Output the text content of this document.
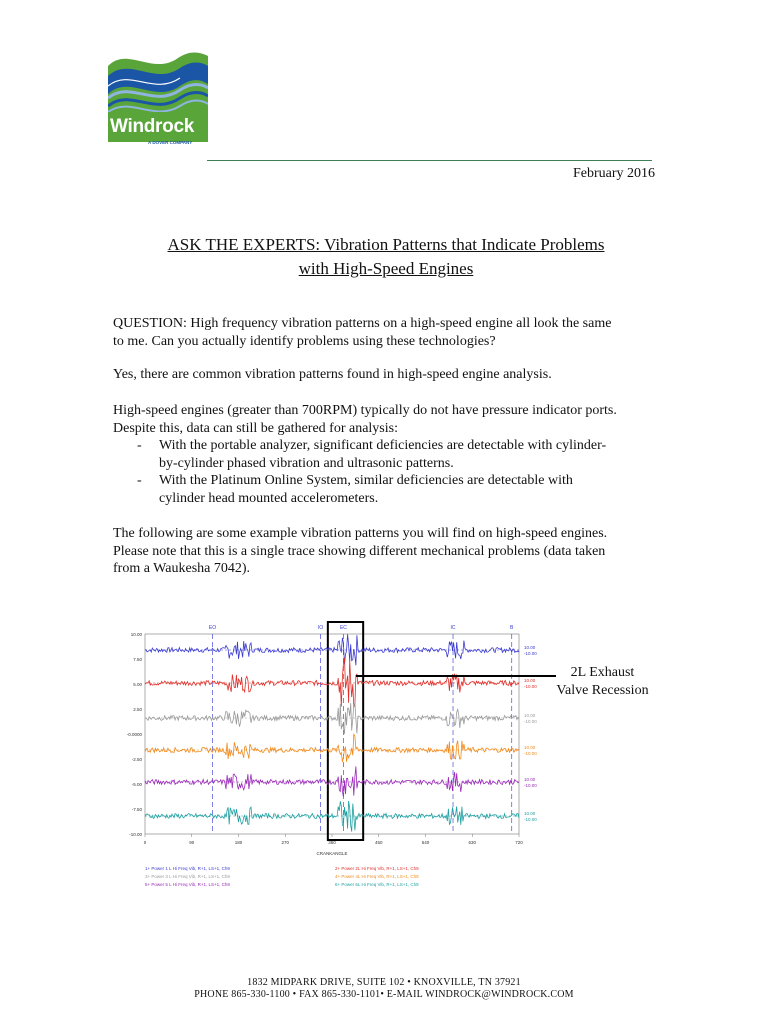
Windrock
A DOVER COMPANY
February 2016
ASK THE EXPERTS: Vibration Patterns that Indicate Problems
with High-Speed Engines
QUESTION: High frequency vibration patterns on a high-speed engine all look the same
to me. Can you actually identify problems using these technologies?
Yes, there are common vibration patterns found in high-speed engine analysis.
High-speed engines (greater than 700RPM) typically do not have pressure indicator ports.
Despite this, data can still be gathered for analysis:
- With the portable analyzer, significant deficiencies are detectable with cylinder-
by-cylinder phased vibration and ultrasonic patterns.
- With the Platinum Online System, similar deficiencies are detectable with
cylinder head mounted accelerometers.
The following are some example vibration patterns you will find on high-speed engines.
Please note that this is a single trace showing different mechanical problems (data taken
from a Waukesha 7042).
10.00
7.50
5.00
2.50
-0.0000
-2.50
-5.00
-7.50
-10.00
0	90	180	270	360	450	540	630	720
CRANKANGLE
EO	IO	EC	IC	B
10.00
-10.00
10.00
-10.00
10.00
-10.00
10.00
-10.00
10.00
-10.00
10.00
-10.00
1+ Power 1 L Hi Freq Vib, R+1, LS+1, Ch9	2+ Power 2L Hi Freq Vib, R+1, LS+1, Ch9
3+ Power 3 L Hi Freq Vib, R+1, LS+1, Ch9	4+ Power 4L Hi Freq Vib, R+1, LS+1, Ch9
5+ Power 5 L Hi Freq Vib, R+1, LS+1, Ch9	6+ Power 6L Hi Freq Vib, R+1, LS+1, Ch9
2L Exhaust
Valve Recession
1832 MIDPARK DRIVE, SUITE 102 • KNOXVILLE, TN 37921
PHONE 865-330-1100 • FAX 865-330-1101• E-MAIL WINDROCK@WINDROCK.COM
